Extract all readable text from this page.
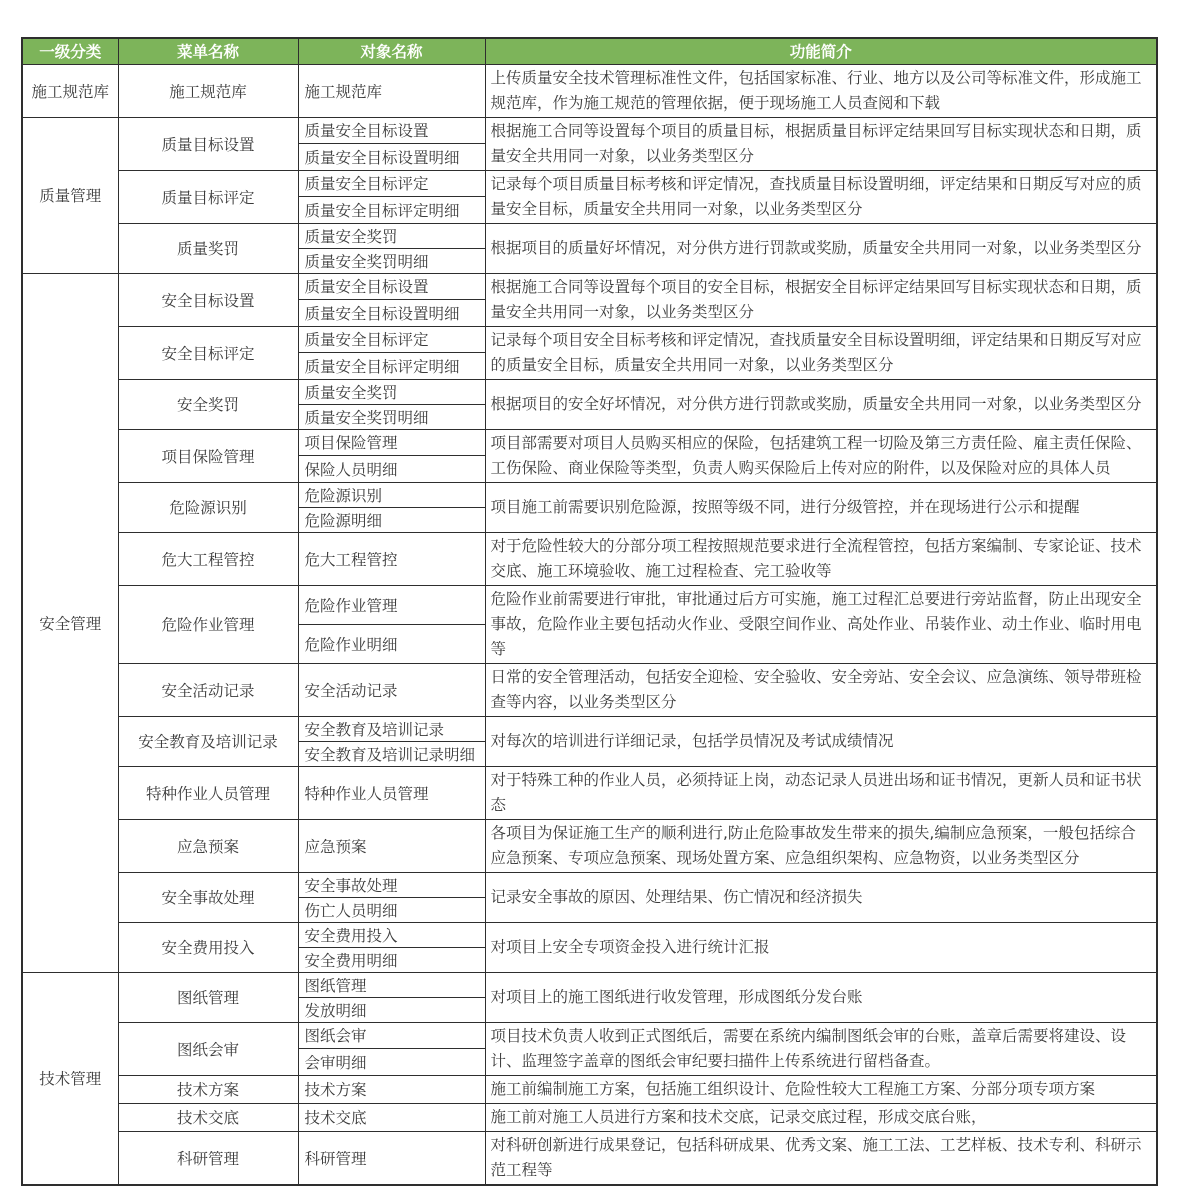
一级分类	菜单名称	对象名称	功能简介
施工规范库	施工规范库	施工规范库	上传质量安全技术管理标准性文件，包括国家标准、行业、地方以及公司等标准文件，形成施工规范库，作为施工规范的管理依据，便于现场施工人员查阅和下载
质量管理	质量目标设置	质量安全目标设置	根据施工合同等设置每个项目的质量目标，根据质量目标评定结果回写目标实现状态和日期，质量安全共用同一对象，以业务类型区分
		质量安全目标设置明细	
	质量目标评定	质量安全目标评定	记录每个项目质量目标考核和评定情况，查找质量目标设置明细，评定结果和日期反写对应的质量安全目标，质量安全共用同一对象，以业务类型区分
		质量安全目标评定明细	
	质量奖罚	质量安全奖罚	根据项目的质量好坏情况，对分供方进行罚款或奖励，质量安全共用同一对象，以业务类型区分
		质量安全奖罚明细	
安全管理	安全目标设置	质量安全目标设置	根据施工合同等设置每个项目的安全目标，根据安全目标评定结果回写目标实现状态和日期，质量安全共用同一对象，以业务类型区分
		质量安全目标设置明细	
	安全目标评定	质量安全目标评定	记录每个项目安全目标考核和评定情况，查找质量安全目标设置明细，评定结果和日期反写对应的质量安全目标，质量安全共用同一对象，以业务类型区分
		质量安全目标评定明细	
	安全奖罚	质量安全奖罚	根据项目的安全好坏情况，对分供方进行罚款或奖励，质量安全共用同一对象，以业务类型区分
		质量安全奖罚明细	
	项目保险管理	项目保险管理	项目部需要对项目人员购买相应的保险，包括建筑工程一切险及第三方责任险、雇主责任保险、工伤保险、商业保险等类型，负责人购买保险后上传对应的附件，以及保险对应的具体人员
		保险人员明细	
	危险源识别	危险源识别	项目施工前需要识别危险源，按照等级不同，进行分级管控，并在现场进行公示和提醒
		危险源明细	
	危大工程管控	危大工程管控	对于危险性较大的分部分项工程按照规范要求进行全流程管控，包括方案编制、专家论证、技术交底、施工环境验收、施工过程检查、完工验收等
	危险作业管理	危险作业管理	危险作业前需要进行审批，审批通过后方可实施，施工过程汇总要进行旁站监督，防止出现安全事故，危险作业主要包括动火作业、受限空间作业、高处作业、吊装作业、动土作业、临时用电等
		危险作业明细	
	安全活动记录	安全活动记录	日常的安全管理活动，包括安全迎检、安全验收、安全旁站、安全会议、应急演练、领导带班检查等内容，以业务类型区分
	安全教育及培训记录	安全教育及培训记录	对每次的培训进行详细记录，包括学员情况及考试成绩情况
		安全教育及培训记录明细	
	特种作业人员管理	特种作业人员管理	对于特殊工种的作业人员，必须持证上岗，动态记录人员进出场和证书情况，更新人员和证书状态
	应急预案	应急预案	各项目为保证施工生产的顺利进行,防止危险事故发生带来的损失,编制应急预案，一般包括综合应急预案、专项应急预案、现场处置方案、应急组织架构、应急物资，以业务类型区分
	安全事故处理	安全事故处理	记录安全事故的原因、处理结果、伤亡情况和经济损失
		伤亡人员明细	
	安全费用投入	安全费用投入	对项目上安全专项资金投入进行统计汇报
		安全费用明细	
技术管理	图纸管理	图纸管理	对项目上的施工图纸进行收发管理，形成图纸分发台账
		发放明细	
	图纸会审	图纸会审	项目技术负责人收到正式图纸后，需要在系统内编制图纸会审的台账，盖章后需要将建设、设计、监理签字盖章的图纸会审纪要扫描件上传系统进行留档备查。
		会审明细	
	技术方案	技术方案	施工前编制施工方案，包括施工组织设计、危险性较大工程施工方案、分部分项专项方案
	技术交底	技术交底	施工前对施工人员进行方案和技术交底，记录交底过程，形成交底台账，
	科研管理	科研管理	对科研创新进行成果登记，包括科研成果、优秀文案、施工工法、工艺样板、技术专利、科研示范工程等
